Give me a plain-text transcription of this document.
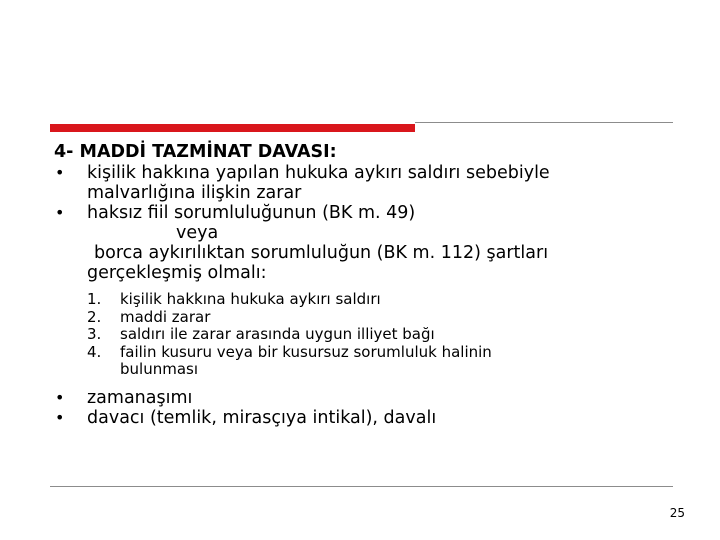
4- MADDİ TAZMİNAT DAVASI:
• kişilik hakkına yapılan hukuka aykırı saldırı sebebiyle
malvarlığına ilişkin zarar
• haksız fiil sorumluluğunun (BK m. 49)
veya
borca aykırılıktan sorumluluğun (BK m. 112) şartları
gerçekleşmiş olmalı:
1. kişilik hakkına hukuka aykırı saldırı
2. maddi zarar
3. saldırı ile zarar arasında uygun illiyet bağı
4. failin kusuru veya bir kusursuz sorumluluk halinin
bulunması
• zamanaşımı
• davacı (temlik, mirasçıya intikal), davalı
25
